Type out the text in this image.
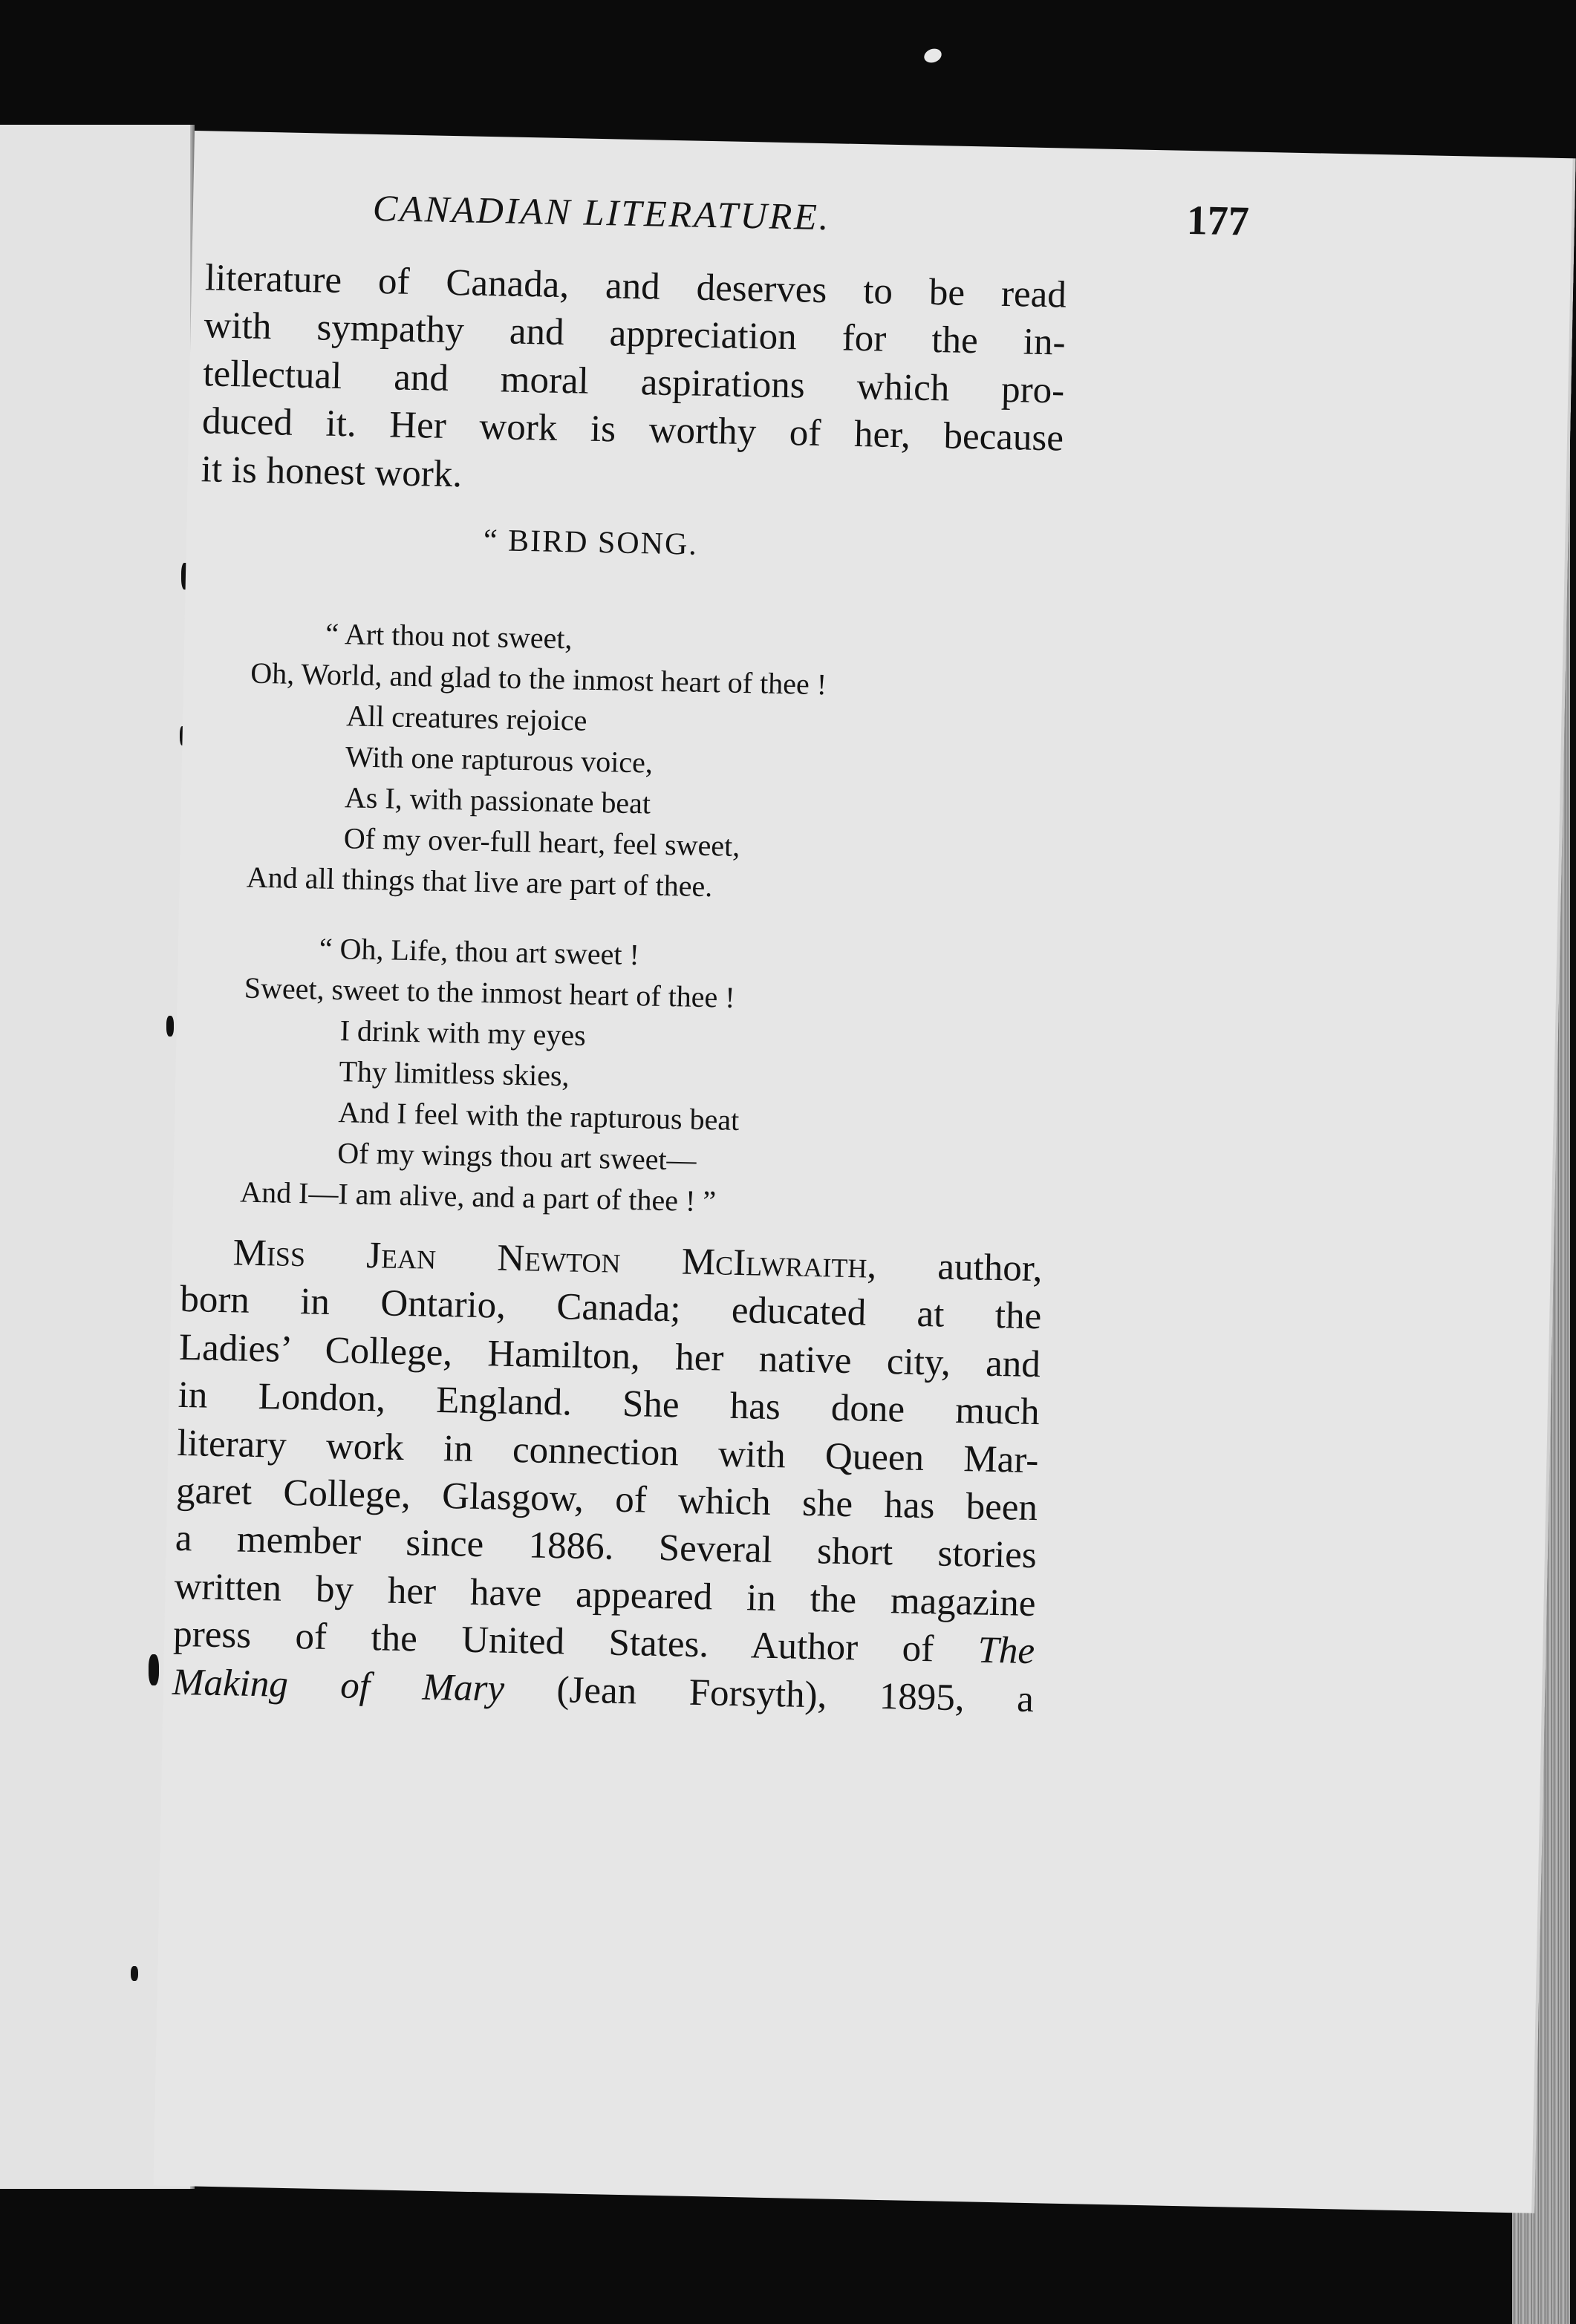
CANADIAN LITERATURE.	177
literature of Canada, and deserves to be read
with sympathy and appreciation for the in-
tellectual and moral aspirations which pro-
duced it. Her work is worthy of her, because
it is honest work.
“ BIRD SONG.
“ Art thou not sweet,
Oh, World, and glad to the inmost heart of thee !
All creatures rejoice
With one rapturous voice,
As I, with passionate beat
Of my over-full heart, feel sweet,
And all things that live are part of thee.
“ Oh, Life, thou art sweet !
Sweet, sweet to the inmost heart of thee !
I drink with my eyes
Thy limitless skies,
And I feel with the rapturous beat
Of my wings thou art sweet—
And I—I am alive, and a part of thee ! ”
Miss Jean Newton McIlwraith, author,
born in Ontario, Canada; educated at the
Ladies’ College, Hamilton, her native city, and
in London, England. She has done much
literary work in connection with Queen Mar-
garet College, Glasgow, of which she has been
a member since 1886. Several short stories
written by her have appeared in the magazine
press of the United States. Author of The
Making of Mary (Jean Forsyth), 1895, a
